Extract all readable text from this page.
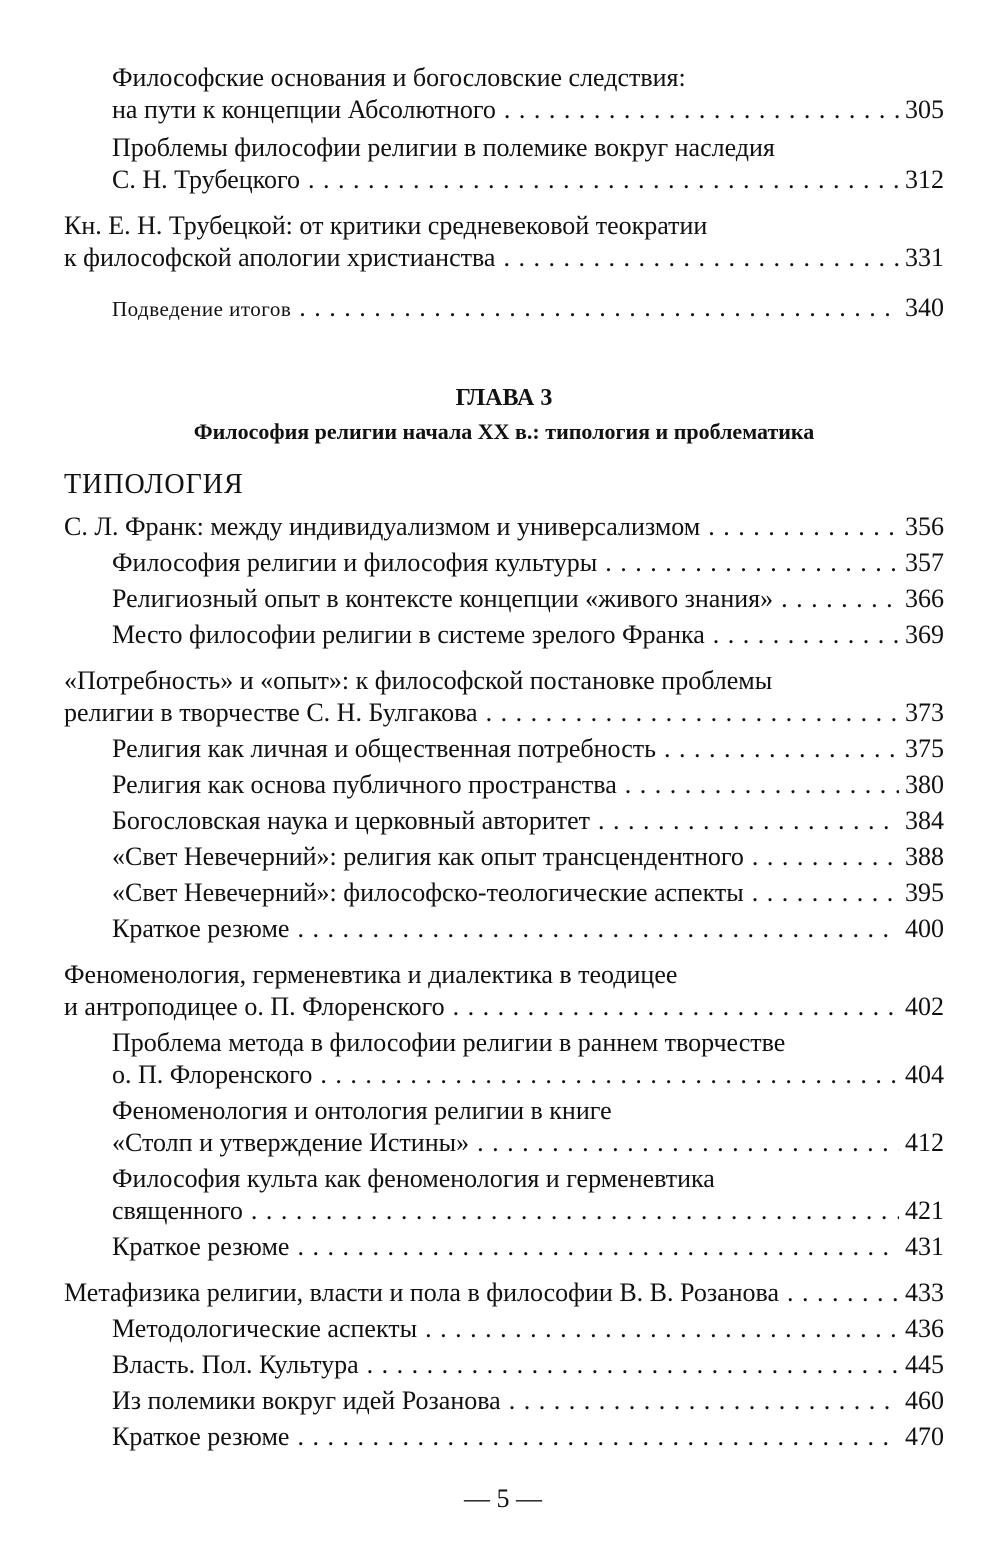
Философские основания и богословские следствия:
на пути к концепции Абсолютного . . .	305
Проблемы философии религии в полемике вокруг наследия
С. Н. Трубецкого . . .	312
Кн. Е. Н. Трубецкой: от критики средневековой теократии
к философской апологии христианства . . .	331
Подведение итогов . . .	340
ГЛАВА 3
Философия религии начала XX в.: типология и проблематика
ТИПОЛОГИЯ
С. Л. Франк: между индивидуализмом и универсализмом . . .	356
Философия религии и философия культуры . . .	357
Религиозный опыт в контексте концепции «живого знания» . . .	366
Место философии религии в системе зрелого Франка . . .	369
«Потребность» и «опыт»: к философской постановке проблемы
религии в творчестве С. Н. Булгакова . . .	373
Религия как личная и общественная потребность . . .	375
Религия как основа публичного пространства . . .	380
Богословская наука и церковный авторитет . . .	384
«Свет Невечерний»: религия как опыт трансцендентного . . .	388
«Свет Невечерний»: философско-теологические аспекты . . .	395
Краткое резюме . . .	400
Феноменология, герменевтика и диалектика в теодицее
и антроподицее о. П. Флоренского . . .	402
Проблема метода в философии религии в раннем творчестве
о. П. Флоренского . . .	404
Феноменология и онтология религии в книге
«Столп и утверждение Истины» . . .	412
Философия культа как феноменология и герменевтика
священного . . .	421
Краткое резюме . . .	431
Метафизика религии, власти и пола в философии В. В. Розанова . . .	433
Методологические аспекты . . .	436
Власть. Пол. Культура . . .	445
Из полемики вокруг идей Розанова . . .	460
Краткое резюме . . .	470
— 5 —
